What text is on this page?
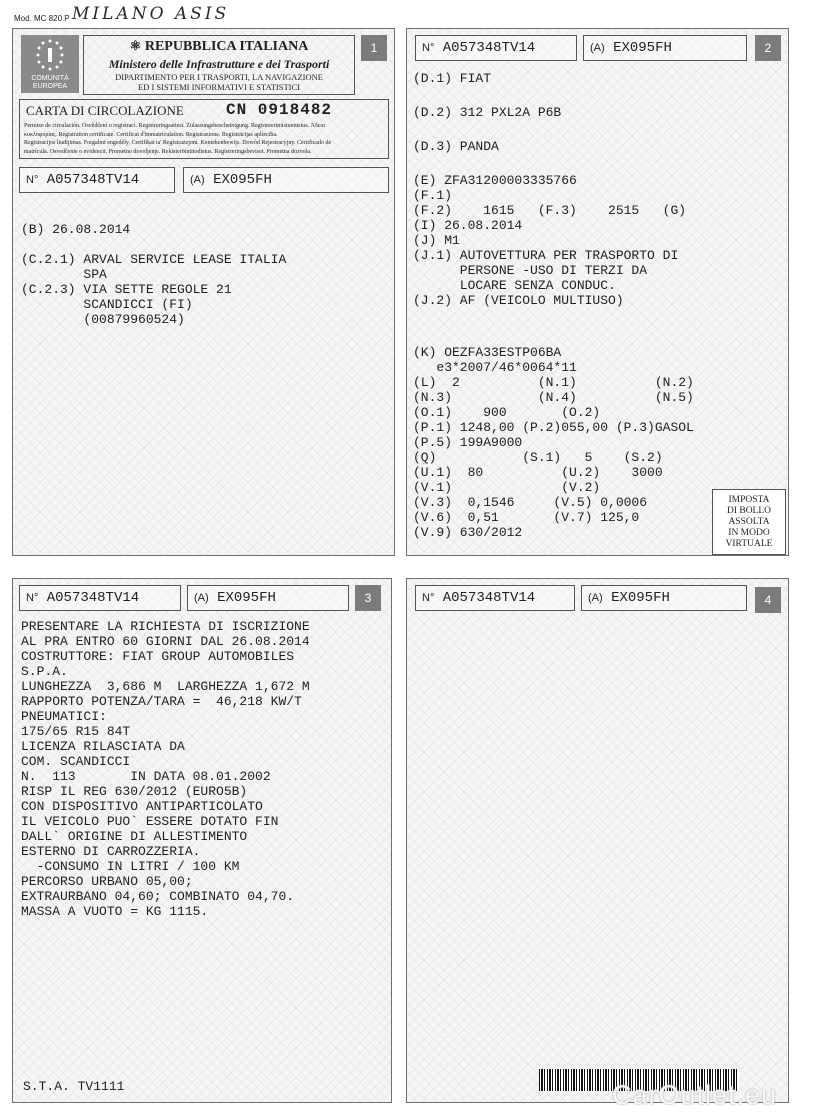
Mod. MC 820 P MILANO ASIS
1
COMUNITÀ
EUROPEA
⚛ REPUBBLICA ITALIANA
Ministero delle Infrastrutture e dei Trasporti
DIPARTIMENTO PER I TRASPORTI, LA NAVIGAZIONE
ED I SISTEMI INFORMATIVI E STATISTICI
CARTA DI CIRCOLAZIONE	CN 0918482
Permiso de circulación. Osvědčení o registraci. Registreringsattest. Zulassungsbescheinigung. Registreerimistunnistus. Άδεια
κυκλοφορίας. Registration certificate. Certificat d'immatriculation. Registrazione. Registrācijas apliecība.
Registracijos liudijimas. Forgalmi engedély. Certifikat ta' Registrazzjoni. Kentekenbewijs. Dowód Rejestracyjny. Certificado de
matrícula. Osvedčenie o evidencii. Prometno dovoljenje. Rekisteröintitodistus. Registreringsbeviset. Prometna dozvola.
N° A057348TV14	(A) EX095FH
(B) 26.08.2014
(C.2.1) ARVAL SERVICE LEASE ITALIA
SPA
(C.2.3) VIA SETTE REGOLE 21
SCANDICCI (FI)
(00879960524)
2
N° A057348TV14	(A) EX095FH
(D.1) FIAT
(D.2) 312 PXL2A P6B
(D.3) PANDA
(E) ZFA31200003335766
(F.1)
(F.2)    1615   (F.3)    2515   (G)
(I) 26.08.2014
(J) M1
(J.1) AUTOVETTURA PER TRASPORTO DI
PERSONE -USO DI TERZI DA
LOCARE SENZA CONDUC.
(J.2) AF (VEICOLO MULTIUSO)
(K) OEZFA33ESTP06BA
e3*2007/46*0064*11
(L)  2          (N.1)          (N.2)
(N.3)           (N.4)          (N.5)
(O.1)    900       (O.2)
(P.1) 1248,00 (P.2)055,00 (P.3)GASOL
(P.5) 199A9000
(Q)           (S.1)   5    (S.2)
(U.1)  80          (U.2)    3000
(V.1)              (V.2)
(V.3)  0,1546     (V.5) 0,0006
(V.6)  0,51       (V.7) 125,0
(V.9) 630/2012
IMPOSTA
DI BOLLO
ASSOLTA
IN MODO
VIRTUALE
3
N° A057348TV14	(A) EX095FH
PRESENTARE LA RICHIESTA DI ISCRIZIONE
AL PRA ENTRO 60 GIORNI DAL 26.08.2014
COSTRUTTORE: FIAT GROUP AUTOMOBILES
S.P.A.
LUNGHEZZA  3,686 M  LARGHEZZA 1,672 M
RAPPORTO POTENZA/TARA =  46,218 KW/T
PNEUMATICI:
175/65 R15 84T
LICENZA RILASCIATA DA
COM. SCANDICCI
N.  113       IN DATA 08.01.2002
RISP IL REG 630/2012 (EURO5B)
CON DISPOSITIVO ANTIPARTICOLATO
IL VEICOLO PUO` ESSERE DOTATO FIN
DALL` ORIGINE DI ALLESTIMENTO
ESTERNO DI CARROZZERIA.
-CONSUMO IN LITRI / 100 KM
PERCORSO URBANO 05,00;
EXTRAURBANO 04,60; COMBINATO 04,70.
MASSA A VUOTO = KG 1115.
S.T.A. TV1111
4
N° A057348TV14	(A) EX095FH
CarOutlet.eu
